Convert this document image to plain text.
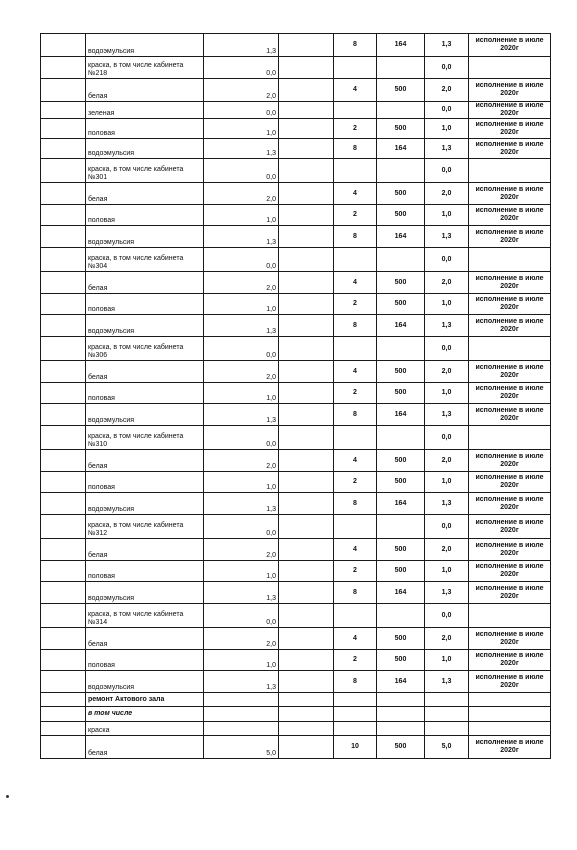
	водоэмульсия	1,3		8	164	1,3	исполнение в июле 2020г
	краска, в том числе кабинета №218	0,0				0,0	
	белая	2,0		4	500	2,0	исполнение в июле 2020г
	зеленая	0,0				0,0	исполнение в июле 2020г
	половая	1,0		2	500	1,0	исполнение в июле 2020г
	водоэмульсия	1,3		8	164	1,3	исполнение в июле 2020г
	краска, в том числе кабинета №301	0,0				0,0	
	белая	2,0		4	500	2,0	исполнение в июле 2020г
	половая	1,0		2	500	1,0	исполнение в июле 2020г
	водоэмульсия	1,3		8	164	1,3	исполнение в июле 2020г
	краска, в том числе кабинета №304	0,0				0,0	
	белая	2,0		4	500	2,0	исполнение в июле 2020г
	половая	1,0		2	500	1,0	исполнение в июле 2020г
	водоэмульсия	1,3		8	164	1,3	исполнение в июле 2020г
	краска, в том числе кабинета №306	0,0				0,0	
	белая	2,0		4	500	2,0	исполнение в июле 2020г
	половая	1,0		2	500	1,0	исполнение в июле 2020г
	водоэмульсия	1,3		8	164	1,3	исполнение в июле 2020г
	краска, в том числе кабинета №310	0,0				0,0	
	белая	2,0		4	500	2,0	исполнение в июле 2020г
	половая	1,0		2	500	1,0	исполнение в июле 2020г
	водоэмульсия	1,3		8	164	1,3	исполнение в июле 2020г
	краска, в том числе кабинета №312	0,0				0,0	исполнение в июле 2020г
	белая	2,0		4	500	2,0	исполнение в июле 2020г
	половая	1,0		2	500	1,0	исполнение в июле 2020г
	водоэмульсия	1,3		8	164	1,3	исполнение в июле 2020г
	краска, в том числе кабинета №314	0,0				0,0	
	белая	2,0		4	500	2,0	исполнение в июле 2020г
	половая	1,0		2	500	1,0	исполнение в июле 2020г
	водоэмульсия	1,3		8	164	1,3	исполнение в июле 2020г
	ремонт Актового зала						
	в том числе						
	краска						
	белая	5,0		10	500	5,0	исполнение в июле 2020г
